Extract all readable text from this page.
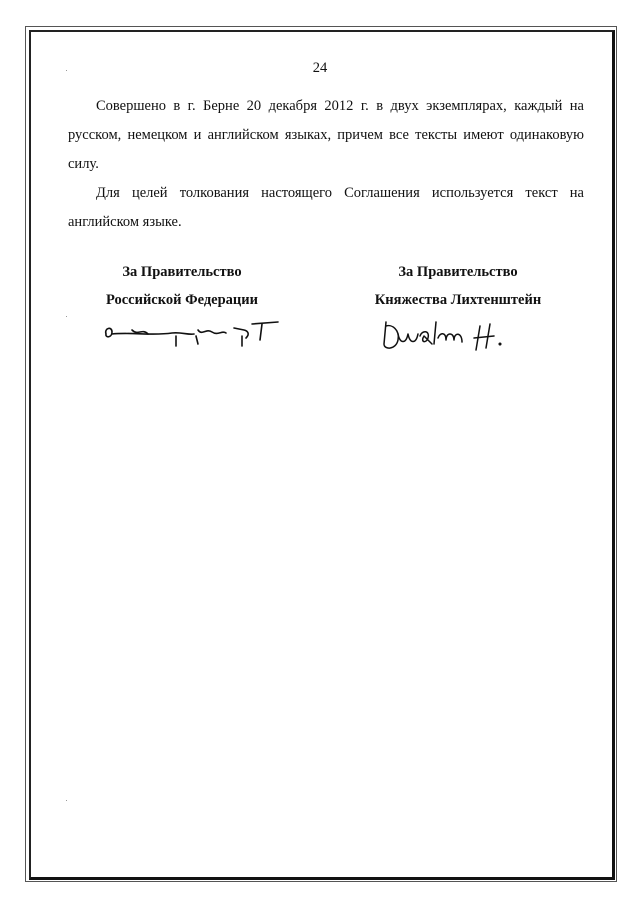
24

Совершено в г. Берне 20 декабря 2012 г. в двух экземплярах, каждый на русском, немецком и английском языках, причем все тексты имеют одинаковую силу.

Для целей толкования настоящего Соглашения используется текст на английском языке.

За Правительство
Российской Федерации
За Правительство
Княжества Лихтенштейн
